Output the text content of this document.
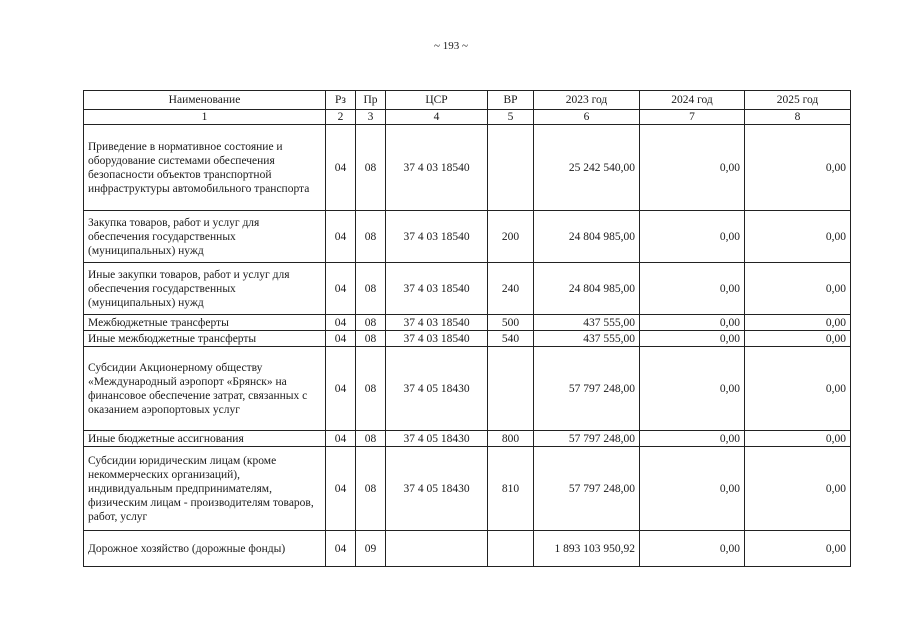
~ 193 ~
Наименование	Рз	Пр	ЦСР	ВР	2023 год	2024 год	2025 год
1	2	3	4	5	6	7	8
Приведение в нормативное состояние и оборудование системами обеспечения безопасности объектов транспортной инфраструктуры автомобильного транспорта	04	08	37 4 03 18540		25 242 540,00	0,00	0,00
Закупка товаров, работ и услуг для обеспечения государственных (муниципальных) нужд	04	08	37 4 03 18540	200	24 804 985,00	0,00	0,00
Иные закупки товаров, работ и услуг для обеспечения государственных (муниципальных) нужд	04	08	37 4 03 18540	240	24 804 985,00	0,00	0,00
Межбюджетные трансферты	04	08	37 4 03 18540	500	437 555,00	0,00	0,00
Иные межбюджетные трансферты	04	08	37 4 03 18540	540	437 555,00	0,00	0,00
Субсидии Акционерному обществу «Международный аэропорт «Брянск» на финансовое обеспечение затрат, связанных с оказанием аэропортовых услуг	04	08	37 4 05 18430		57 797 248,00	0,00	0,00
Иные бюджетные ассигнования	04	08	37 4 05 18430	800	57 797 248,00	0,00	0,00
Субсидии юридическим лицам (кроме некоммерческих организаций), индивидуальным предпринимателям, физическим лицам - производителям товаров, работ, услуг	04	08	37 4 05 18430	810	57 797 248,00	0,00	0,00
Дорожное хозяйство (дорожные фонды)	04	09			1 893 103 950,92	0,00	0,00
